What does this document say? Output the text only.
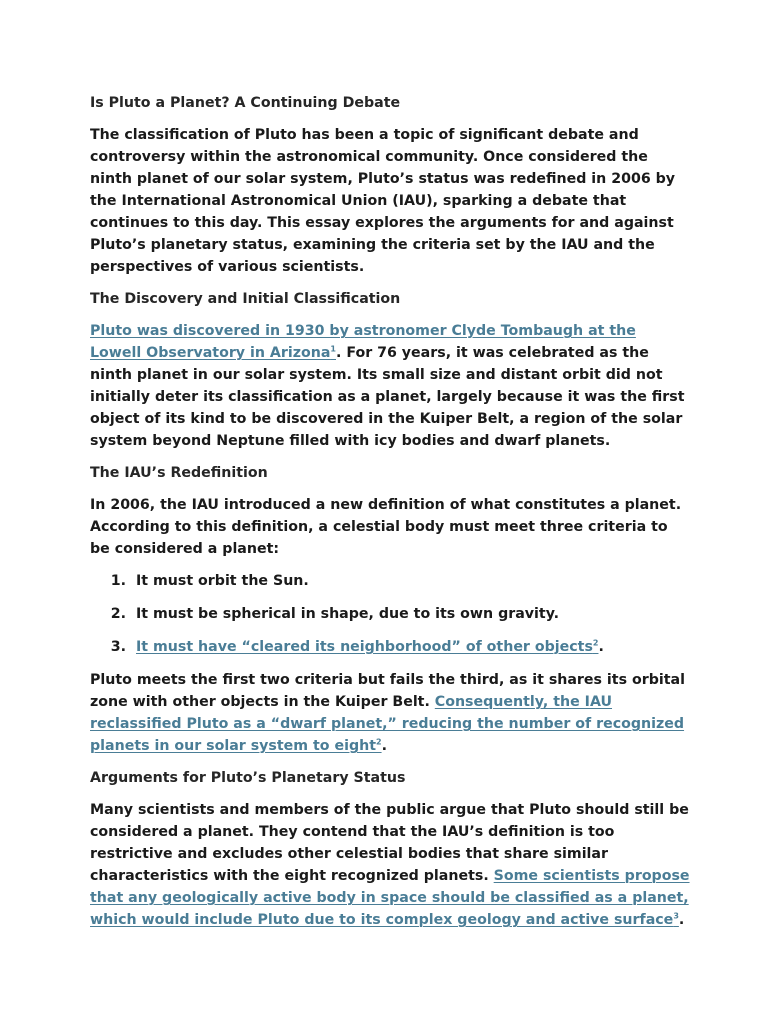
Is Pluto a Planet? A Continuing Debate

The classification of Pluto has been a topic of significant debate and controversy within the astronomical community. Once considered the ninth planet of our solar system, Pluto’s status was redefined in 2006 by the International Astronomical Union (IAU), sparking a debate that continues to this day. This essay explores the arguments for and against Pluto’s planetary status, examining the criteria set by the IAU and the perspectives of various scientists.

The Discovery and Initial Classification

Pluto was discovered in 1930 by astronomer Clyde Tombaugh at the Lowell Observatory in Arizona$^1$. For 76 years, it was celebrated as the ninth planet in our solar system. Its small size and distant orbit did not initially deter its classification as a planet, largely because it was the first object of its kind to be discovered in the Kuiper Belt, a region of the solar system beyond Neptune filled with icy bodies and dwarf planets.

The IAU’s Redefinition

In 2006, the IAU introduced a new definition of what constitutes a planet. According to this definition, a celestial body must meet three criteria to be considered a planet:

1. It must orbit the Sun.
2. It must be spherical in shape, due to its own gravity.
3. It must have “cleared its neighborhood” of other objects$^2$.

Pluto meets the first two criteria but fails the third, as it shares its orbital zone with other objects in the Kuiper Belt. Consequently, the IAU reclassified Pluto as a “dwarf planet,” reducing the number of recognized planets in our solar system to eight$^2$.

Arguments for Pluto’s Planetary Status

Many scientists and members of the public argue that Pluto should still be considered a planet. They contend that the IAU’s definition is too restrictive and excludes other celestial bodies that share similar characteristics with the eight recognized planets. Some scientists propose that any geologically active body in space should be classified as a planet, which would include Pluto due to its complex geology and active surface$^3$.
